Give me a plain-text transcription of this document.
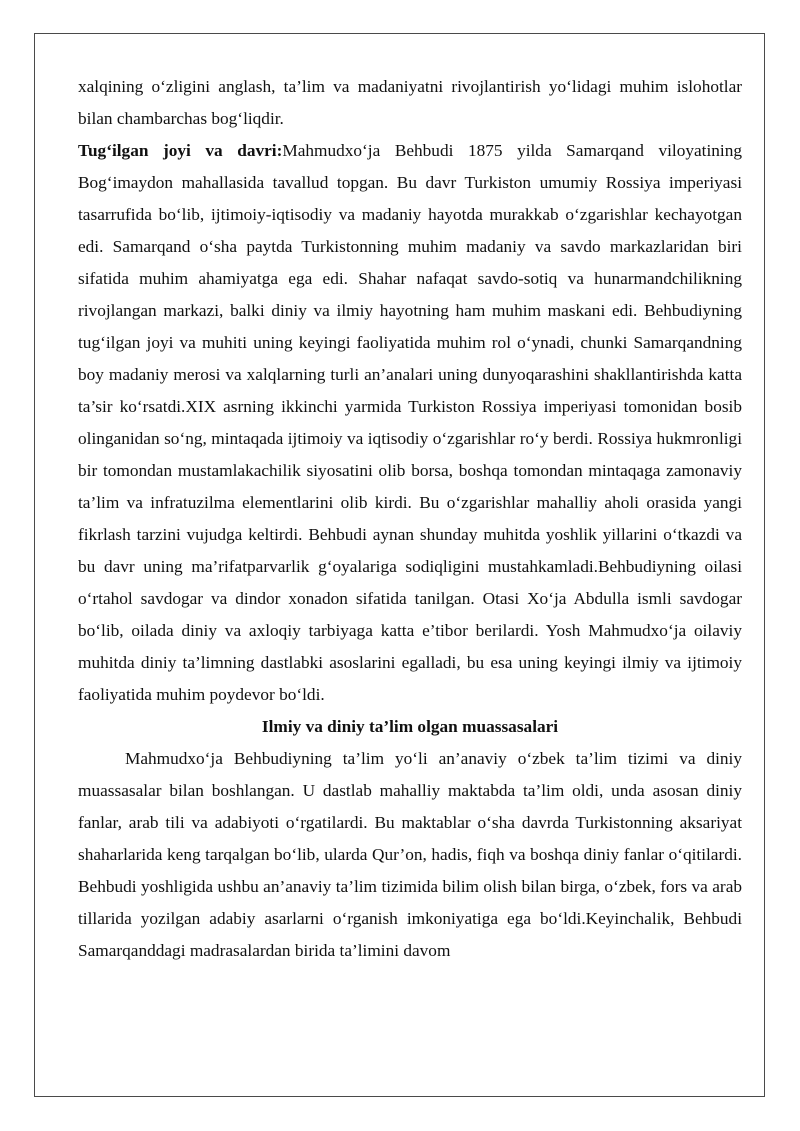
xalqining o‘zligini anglash, ta’lim va madaniyatni rivojlantirish yo‘lidagi muhim islohotlar bilan chambarchas bog‘liqdir.

Tug‘ilgan joyi va davri:Mahmudxo‘ja Behbudi 1875 yilda Samarqand viloyatining Bog‘imaydon mahallasida tavallud topgan. Bu davr Turkiston umumiy Rossiya imperiyasi tasarrufida bo‘lib, ijtimoiy-iqtisodiy va madaniy hayotda murakkab o‘zgarishlar kechayotgan edi. Samarqand o‘sha paytda Turkistonning muhim madaniy va savdo markazlaridan biri sifatida muhim ahamiyatga ega edi. Shahar nafaqat savdo-sotiq va hunarmandchilikning rivojlangan markazi, balki diniy va ilmiy hayotning ham muhim maskani edi. Behbudiyning tug‘ilgan joyi va muhiti uning keyingi faoliyatida muhim rol o‘ynadi, chunki Samarqandning boy madaniy merosi va xalqlarning turli an’analari uning dunyoqarashini shakllantirishda katta ta’sir ko‘rsatdi.XIX asrning ikkinchi yarmida Turkiston Rossiya imperiyasi tomonidan bosib olinganidan so‘ng, mintaqada ijtimoiy va iqtisodiy o‘zgarishlar ro‘y berdi. Rossiya hukmronligi bir tomondan mustamlakachilik siyosatini olib borsa, boshqa tomondan mintaqaga zamonaviy ta’lim va infratuzilma elementlarini olib kirdi. Bu o‘zgarishlar mahalliy aholi orasida yangi fikrlash tarzini vujudga keltirdi. Behbudi aynan shunday muhitda yoshlik yillarini o‘tkazdi va bu davr uning ma’rifatparvarlik g‘oyalariga sodiqligini mustahkamladi.Behbudiyning oilasi o‘rtahol savdogar va dindor xonadon sifatida tanilgan. Otasi Xo‘ja Abdulla ismli savdogar bo‘lib, oilada diniy va axloqiy tarbiyaga katta e’tibor berilardi. Yosh Mahmudxo‘ja oilaviy muhitda diniy ta’limning dastlabki asoslarini egalladi, bu esa uning keyingi ilmiy va ijtimoiy faoliyatida muhim poydevor bo‘ldi.

Ilmiy va diniy ta’lim olgan muassasalari

Mahmudxo‘ja Behbudiyning ta’lim yo‘li an’anaviy o‘zbek ta’lim tizimi va diniy muassasalar bilan boshlangan. U dastlab mahalliy maktabda ta’lim oldi, unda asosan diniy fanlar, arab tili va adabiyoti o‘rgatilardi. Bu maktablar o‘sha davrda Turkistonning aksariyat shaharlarida keng tarqalgan bo‘lib, ularda Qur’on, hadis, fiqh va boshqa diniy fanlar o‘qitilardi. Behbudi yoshligida ushbu an’anaviy ta’lim tizimida bilim olish bilan birga, o‘zbek, fors va arab tillarida yozilgan adabiy asarlarni o‘rganish imkoniyatiga ega bo‘ldi.Keyinchalik, Behbudi Samarqanddagi madrasalardan birida ta’limini davom
